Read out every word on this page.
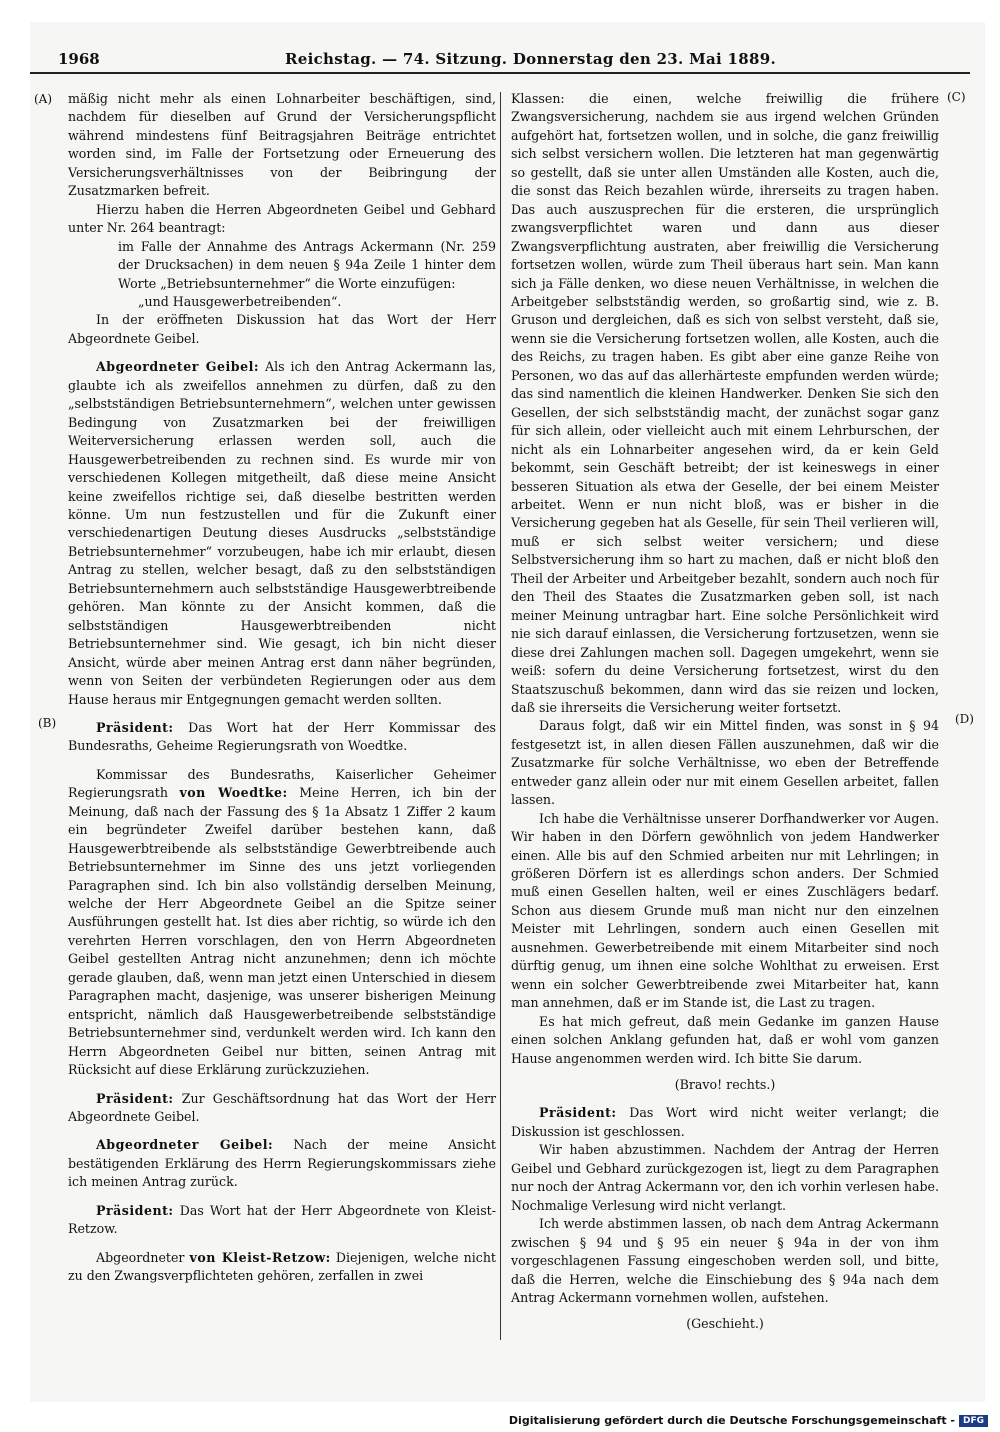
1968	Reichstag. — 74. Sitzung. Donnerstag den 23. Mai 1889.
(A)
(B)
(C)
(D)

mäßig nicht mehr als einen Lohnarbeiter beschäftigen, sind, nachdem für dieselben auf Grund der Versicherungspflicht während mindestens fünf Beitragsjahren Beiträge entrichtet worden sind, im Falle der Fortsetzung oder Erneuerung des Versicherungsverhältnisses von der Beibringung der Zusatzmarken befreit.

Hierzu haben die Herren Abgeordneten Geibel und Gebhard unter Nr. 264 beantragt:

im Falle der Annahme des Antrags Ackermann (Nr. 259 der Drucksachen) in dem neuen § 94a Zeile 1 hinter dem Worte „Betriebsunternehmer“ die Worte einzufügen:

„und Hausgewerbetreibenden“.

In der eröffneten Diskussion hat das Wort der Herr Abgeordnete Geibel.

Abgeordneter Geibel: Als ich den Antrag Ackermann las, glaubte ich als zweifellos annehmen zu dürfen, daß zu den „selbstständigen Betriebsunternehmern“, welchen unter gewissen Bedingung von Zusatzmarken bei der freiwilligen Weiterversicherung erlassen werden soll, auch die Hausgewerbetreibenden zu rechnen sind. Es wurde mir von verschiedenen Kollegen mitgetheilt, daß diese meine Ansicht keine zweifellos richtige sei, daß dieselbe bestritten werden könne. Um nun festzustellen und für die Zukunft einer verschiedenartigen Deutung dieses Ausdrucks „selbstständige Betriebsunternehmer“ vorzubeugen, habe ich mir erlaubt, diesen Antrag zu stellen, welcher besagt, daß zu den selbstständigen Betriebsunternehmern auch selbstständige Hausgewerbtreibende gehören. Man könnte zu der Ansicht kommen, daß die selbstständigen Hausgewerbtreibenden nicht Betriebsunternehmer sind. Wie gesagt, ich bin nicht dieser Ansicht, würde aber meinen Antrag erst dann näher begründen, wenn von Seiten der verbündeten Regierungen oder aus dem Hause heraus mir Entgegnungen gemacht werden sollten.

Präsident: Das Wort hat der Herr Kommissar des Bundesraths, Geheime Regierungsrath von Woedtke.

Kommissar des Bundesraths, Kaiserlicher Geheimer Regierungsrath von Woedtke: Meine Herren, ich bin der Meinung, daß nach der Fassung des § 1a Absatz 1 Ziffer 2 kaum ein begründeter Zweifel darüber bestehen kann, daß Hausgewerbtreibende als selbstständige Gewerbtreibende auch Betriebsunternehmer im Sinne des uns jetzt vorliegenden Paragraphen sind. Ich bin also vollständig derselben Meinung, welche der Herr Abgeordnete Geibel an die Spitze seiner Ausführungen gestellt hat. Ist dies aber richtig, so würde ich den verehrten Herren vorschlagen, den von Herrn Abgeordneten Geibel gestellten Antrag nicht anzunehmen; denn ich möchte gerade glauben, daß, wenn man jetzt einen Unterschied in diesem Paragraphen macht, dasjenige, was unserer bisherigen Meinung entspricht, nämlich daß Hausgewerbetreibende selbstständige Betriebsunternehmer sind, verdunkelt werden wird. Ich kann den Herrn Abgeordneten Geibel nur bitten, seinen Antrag mit Rücksicht auf diese Erklärung zurückzuziehen.

Präsident: Zur Geschäftsordnung hat das Wort der Herr Abgeordnete Geibel.

Abgeordneter Geibel: Nach der meine Ansicht bestätigenden Erklärung des Herrn Regierungskommissars ziehe ich meinen Antrag zurück.

Präsident: Das Wort hat der Herr Abgeordnete von Kleist-Retzow.

Abgeordneter von Kleist-Retzow: Diejenigen, welche nicht zu den Zwangsverpflichteten gehören, zerfallen in zwei

Klassen: die einen, welche freiwillig die frühere Zwangsversicherung, nachdem sie aus irgend welchen Gründen aufgehört hat, fortsetzen wollen, und in solche, die ganz freiwillig sich selbst versichern wollen. Die letzteren hat man gegenwärtig so gestellt, daß sie unter allen Umständen alle Kosten, auch die, die sonst das Reich bezahlen würde, ihrerseits zu tragen haben. Das auch auszusprechen für die ersteren, die ursprünglich zwangsverpflichtet waren und dann aus dieser Zwangsverpflichtung austraten, aber freiwillig die Versicherung fortsetzen wollen, würde zum Theil überaus hart sein. Man kann sich ja Fälle denken, wo diese neuen Verhältnisse, in welchen die Arbeitgeber selbstständig werden, so großartig sind, wie z. B. Gruson und dergleichen, daß es sich von selbst versteht, daß sie, wenn sie die Versicherung fortsetzen wollen, alle Kosten, auch die des Reichs, zu tragen haben. Es gibt aber eine ganze Reihe von Personen, wo das auf das allerhärteste empfunden werden würde; das sind namentlich die kleinen Handwerker. Denken Sie sich den Gesellen, der sich selbstständig macht, der zunächst sogar ganz für sich allein, oder vielleicht auch mit einem Lehrburschen, der nicht als ein Lohnarbeiter angesehen wird, da er kein Geld bekommt, sein Geschäft betreibt; der ist keineswegs in einer besseren Situation als etwa der Geselle, der bei einem Meister arbeitet. Wenn er nun nicht bloß, was er bisher in die Versicherung gegeben hat als Geselle, für sein Theil verlieren will, muß er sich selbst weiter versichern; und diese Selbstversicherung ihm so hart zu machen, daß er nicht bloß den Theil der Arbeiter und Arbeitgeber bezahlt, sondern auch noch für den Theil des Staates die Zusatzmarken geben soll, ist nach meiner Meinung untragbar hart. Eine solche Persönlichkeit wird nie sich darauf einlassen, die Versicherung fortzusetzen, wenn sie diese drei Zahlungen machen soll. Dagegen umgekehrt, wenn sie weiß: sofern du deine Versicherung fortsetzest, wirst du den Staatszuschuß bekommen, dann wird das sie reizen und locken, daß sie ihrerseits die Versicherung weiter fortsetzt.

Daraus folgt, daß wir ein Mittel finden, was sonst in § 94 festgesetzt ist, in allen diesen Fällen auszunehmen, daß wir die Zusatzmarke für solche Verhältnisse, wo eben der Betreffende entweder ganz allein oder nur mit einem Gesellen arbeitet, fallen lassen.

Ich habe die Verhältnisse unserer Dorfhandwerker vor Augen. Wir haben in den Dörfern gewöhnlich von jedem Handwerker einen. Alle bis auf den Schmied arbeiten nur mit Lehrlingen; in größeren Dörfern ist es allerdings schon anders. Der Schmied muß einen Gesellen halten, weil er eines Zuschlägers bedarf. Schon aus diesem Grunde muß man nicht nur den einzelnen Meister mit Lehrlingen, sondern auch einen Gesellen mit ausnehmen. Gewerbetreibende mit einem Mitarbeiter sind noch dürftig genug, um ihnen eine solche Wohlthat zu erweisen. Erst wenn ein solcher Gewerbtreibende zwei Mitarbeiter hat, kann man annehmen, daß er im Stande ist, die Last zu tragen.

Es hat mich gefreut, daß mein Gedanke im ganzen Hause einen solchen Anklang gefunden hat, daß er wohl vom ganzen Hause angenommen werden wird. Ich bitte Sie darum.

(Bravo! rechts.)

Präsident: Das Wort wird nicht weiter verlangt; die Diskussion ist geschlossen.

Wir haben abzustimmen. Nachdem der Antrag der Herren Geibel und Gebhard zurückgezogen ist, liegt zu dem Paragraphen nur noch der Antrag Ackermann vor, den ich vorhin verlesen habe. Nochmalige Verlesung wird nicht verlangt.

Ich werde abstimmen lassen, ob nach dem Antrag Ackermann zwischen § 94 und § 95 ein neuer § 94a in der von ihm vorgeschlagenen Fassung eingeschoben werden soll, und bitte, daß die Herren, welche die Einschiebung des § 94a nach dem Antrag Ackermann vornehmen wollen, aufstehen.

(Geschieht.)

Digitalisierung gefördert durch die Deutsche Forschungsgemeinschaft - DFG
